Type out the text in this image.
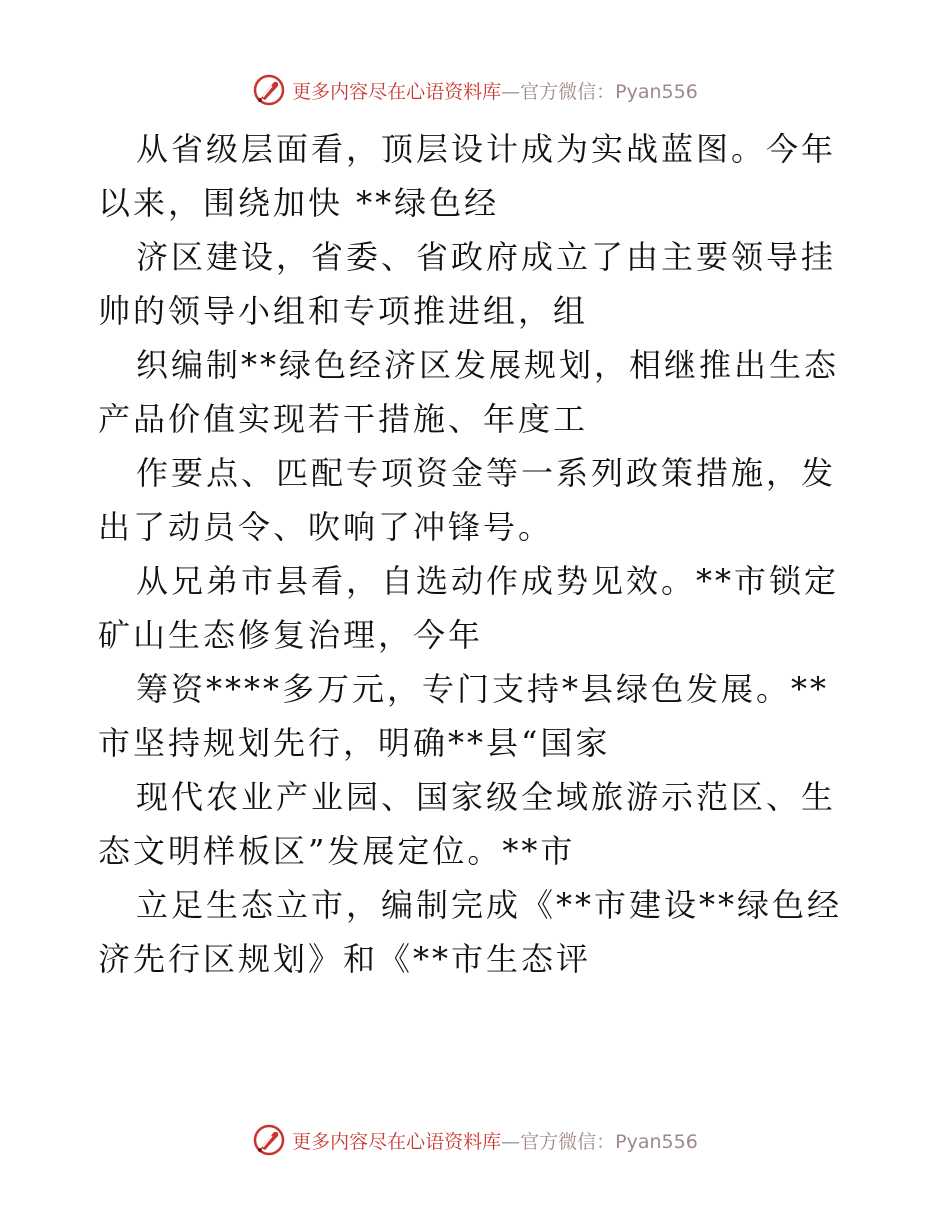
更多内容尽在心语资料库—官方微信：Pyan556

从省级层面看，顶层设计成为实战蓝图。今年以来，围绕加快 **绿色经

济区建设，省委、省政府成立了由主要领导挂帅的领导小组和专项推进组，组

织编制**绿色经济区发展规划，相继推出生态产品价值实现若干措施、年度工

作要点、匹配专项资金等一系列政策措施，发出了动员令、吹响了冲锋号。

从兄弟市县看，自选动作成势见效。**市锁定矿山生态修复治理，今年

筹资****多万元，专门支持*县绿色发展。**市坚持规划先行，明确**县“国家

现代农业产业园、国家级全域旅游示范区、生态文明样板区”发展定位。**市

立足生态立市，编制完成《**市建设**绿色经济先行区规划》和《**市生态评

更多内容尽在心语资料库—官方微信：Pyan556
